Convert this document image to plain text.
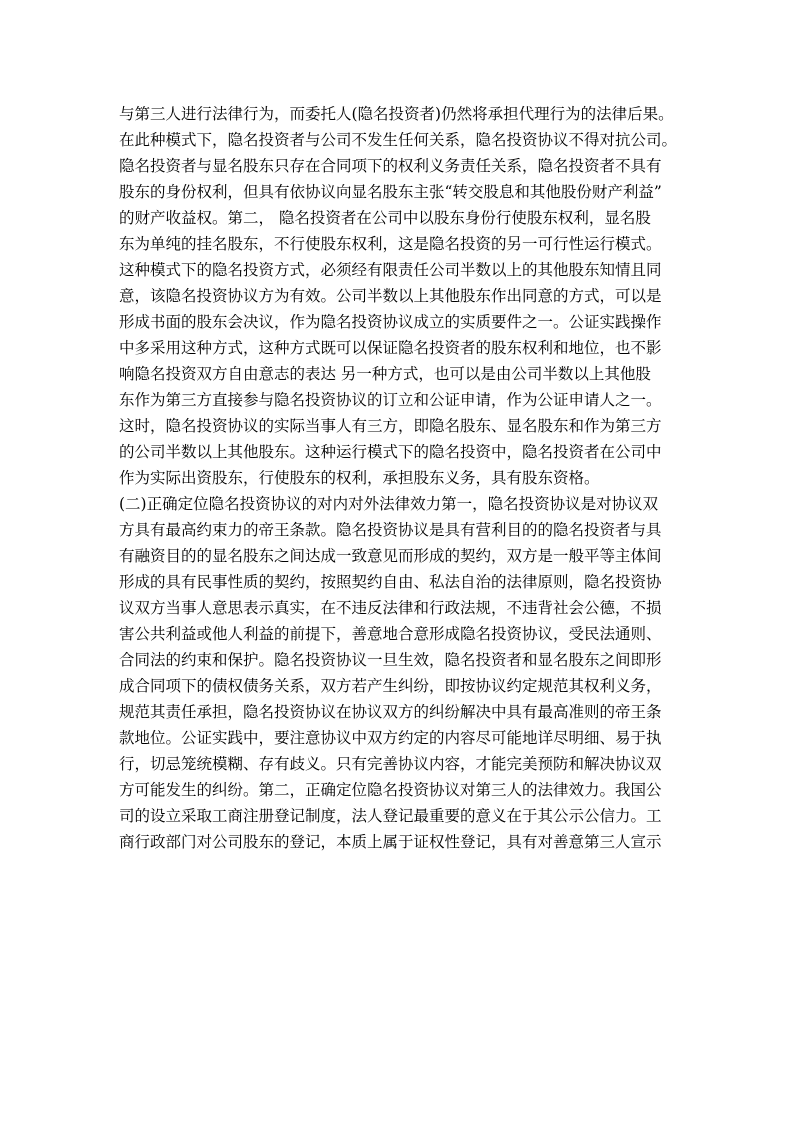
与第三人进行法律行为，而委托人(隐名投资者)仍然将承担代理行为的法律后果。
在此种模式下，隐名投资者与公司不发生任何关系，隐名投资协议不得对抗公司。
隐名投资者与显名股东只存在合同项下的权利义务责任关系，隐名投资者不具有
股东的身份权利，但具有依协议向显名股东主张“转交股息和其他股份财产利益”
的财产收益权。第二， 隐名投资者在公司中以股东身份行使股东权利，显名股
东为单纯的挂名股东，不行使股东权利，这是隐名投资的另一可行性运行模式。
这种模式下的隐名投资方式，必须经有限责任公司半数以上的其他股东知情且同
意，该隐名投资协议方为有效。公司半数以上其他股东作出同意的方式，可以是
形成书面的股东会决议，作为隐名投资协议成立的实质要件之一。公证实践操作
中多采用这种方式，这种方式既可以保证隐名投资者的股东权利和地位，也不影
响隐名投资双方自由意志的表达 另一种方式，也可以是由公司半数以上其他股
东作为第三方直接参与隐名投资协议的订立和公证申请，作为公证申请人之一。
这时，隐名投资协议的实际当事人有三方，即隐名股东、显名股东和作为第三方
的公司半数以上其他股东。这种运行模式下的隐名投资中，隐名投资者在公司中
作为实际出资股东，行使股东的权利，承担股东义务，具有股东资格。
(二)正确定位隐名投资协议的对内对外法律效力第一，隐名投资协议是对协议双
方具有最高约束力的帝王条款。隐名投资协议是具有营利目的的隐名投资者与具
有融资目的的显名股东之间达成一致意见而形成的契约，双方是一般平等主体间
形成的具有民事性质的契约，按照契约自由、私法自治的法律原则，隐名投资协
议双方当事人意思表示真实，在不违反法律和行政法规，不违背社会公德，不损
害公共利益或他人利益的前提下，善意地合意形成隐名投资协议，受民法通则、
合同法的约束和保护。隐名投资协议一旦生效，隐名投资者和显名股东之间即形
成合同项下的债权债务关系，双方若产生纠纷，即按协议约定规范其权利义务，
规范其责任承担，隐名投资协议在协议双方的纠纷解决中具有最高准则的帝王条
款地位。公证实践中，要注意协议中双方约定的内容尽可能地详尽明细、易于执
行，切忌笼统模糊、存有歧义。只有完善协议内容，才能完美预防和解决协议双
方可能发生的纠纷。第二，正确定位隐名投资协议对第三人的法律效力。我国公
司的设立采取工商注册登记制度，法人登记最重要的意义在于其公示公信力。工
商行政部门对公司股东的登记，本质上属于证权性登记，具有对善意第三人宣示
